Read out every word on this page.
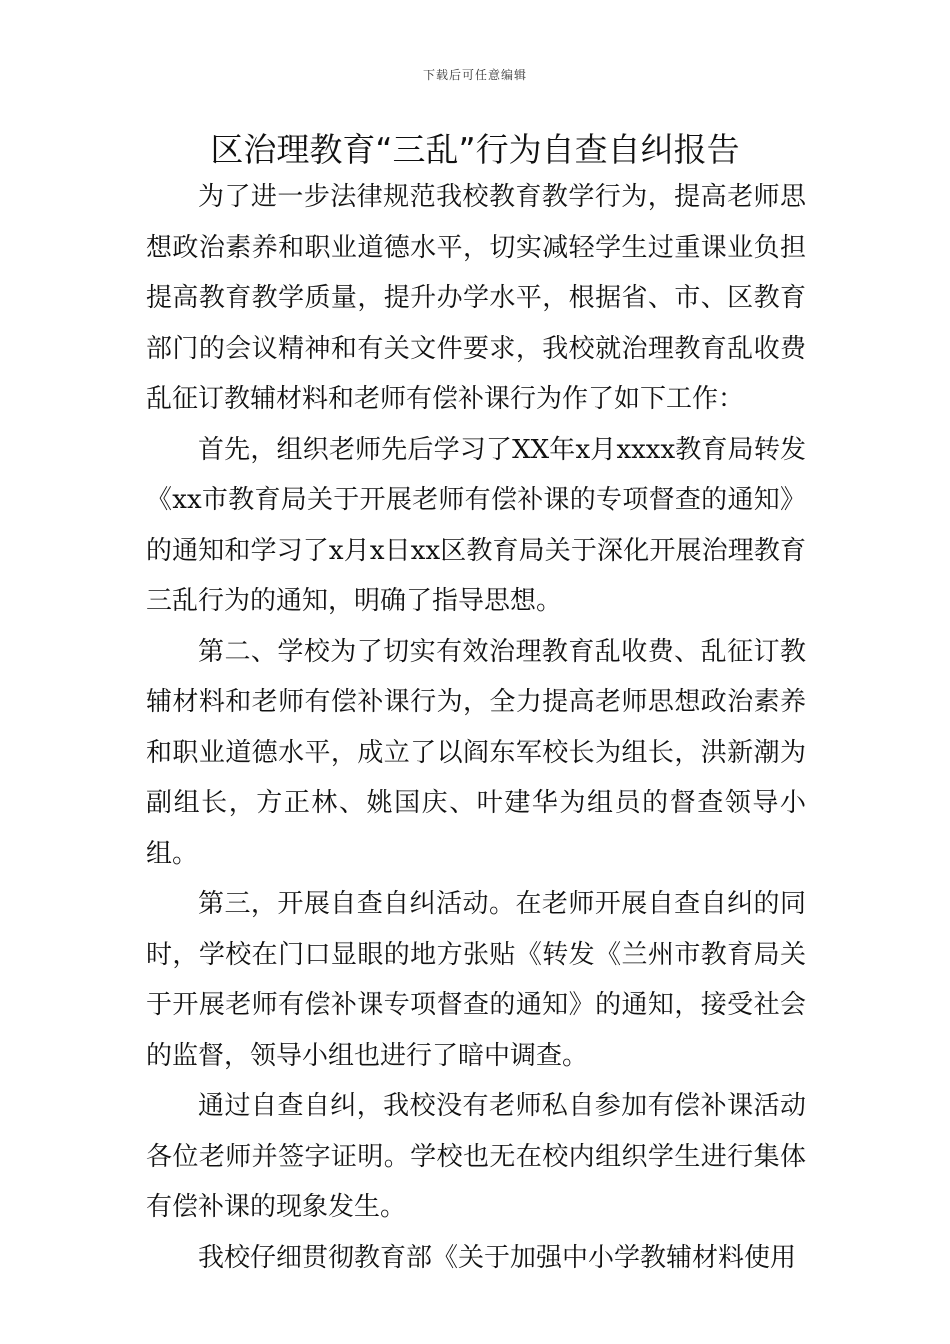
下载后可任意编辑
区治理教育“三乱”行为自查自纠报告

为了进一步法律规范我校教育教学行为，提高老师思想政治素养和职业道德水平，切实减轻学生过重课业负担提高教育教学质量，提升办学水平，根据省、市、区教育部门的会议精神和有关文件要求，我校就治理教育乱收费乱征订教辅材料和老师有偿补课行为作了如下工作：

首先，组织老师先后学习了XX年x月xxxx教育局转发《xx市教育局关于开展老师有偿补课的专项督查的通知》的通知和学习了x月x日xx区教育局关于深化开展治理教育三乱行为的通知，明确了指导思想。

第二、学校为了切实有效治理教育乱收费、乱征订教辅材料和老师有偿补课行为，全力提高老师思想政治素养和职业道德水平，成立了以阎东军校长为组长，洪新潮为副组长，方正林、姚国庆、叶建华为组员的督查领导小组。

第三，开展自查自纠活动。在老师开展自查自纠的同时，学校在门口显眼的地方张贴《转发《兰州市教育局关于开展老师有偿补课专项督查的通知》的通知，接受社会的监督，领导小组也进行了暗中调查。

通过自查自纠，我校没有老师私自参加有偿补课活动各位老师并签字证明。学校也无在校内组织学生进行集体有偿补课的现象发生。

我校仔细贯彻教育部《关于加强中小学教辅材料使用
